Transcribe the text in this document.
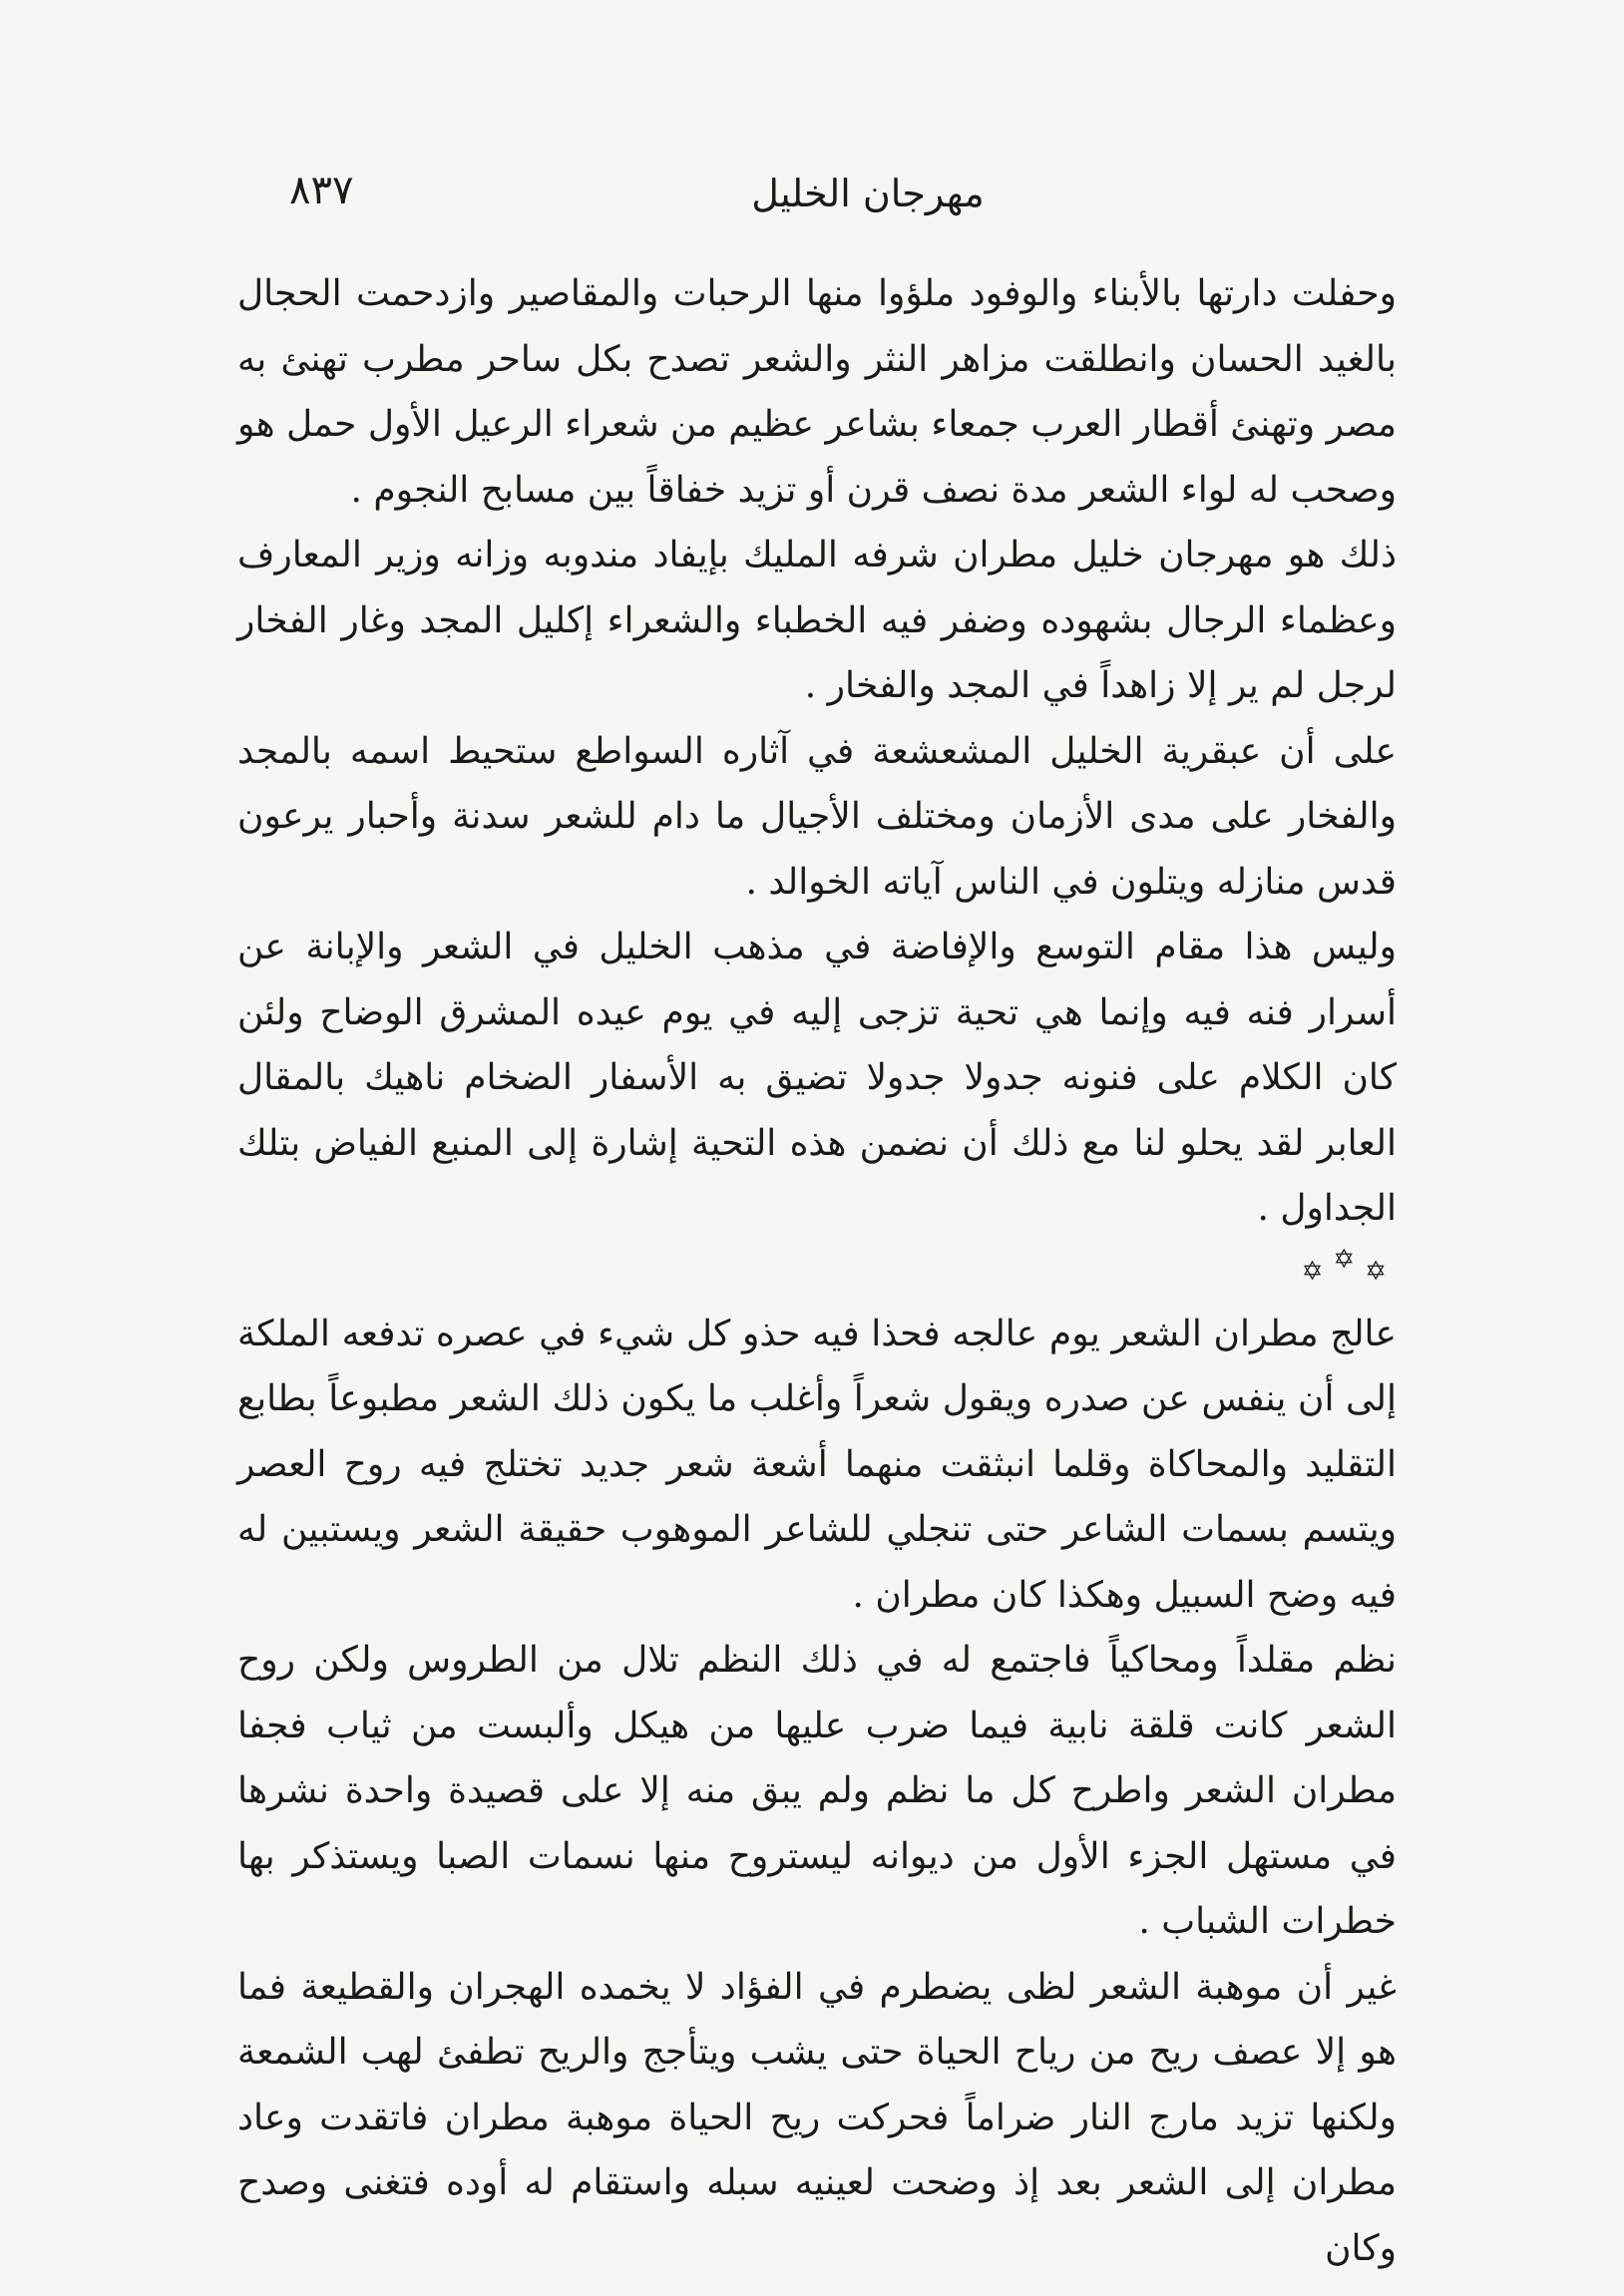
٨٣٧	مهرجان الخليل

وحفلت دارتها بالأبناء والوفود ملؤوا منها الرحبات والمقاصير وازدحمت الحجال بالغيد الحسان وانطلقت مزاهر النثر والشعر تصدح بكل ساحر مطرب تهنئ به مصر وتهنئ أقطار العرب جمعاء بشاعر عظيم من شعراء الرعيل الأول حمل هو وصحب له لواء الشعر مدة نصف قرن أو تزيد خفاقاً بين مسابح النجوم .

ذلك هو مهرجان خليل مطران شرفه المليك بإيفاد مندوبه وزانه وزير المعارف وعظماء الرجال بشهوده وضفر فيه الخطباء والشعراء إكليل المجد وغار الفخار لرجل لم ير إلا زاهداً في المجد والفخار .

على أن عبقرية الخليل المشعشعة في آثاره السواطع ستحيط اسمه بالمجد والفخار على مدى الأزمان ومختلف الأجيال ما دام للشعر سدنة وأحبار يرعون قدس منازله ويتلون في الناس آياته الخوالد .

وليس هذا مقام التوسع والإفاضة في مذهب الخليل في الشعر والإبانة عن أسرار فنه فيه وإنما هي تحية تزجى إليه في يوم عيده المشرق الوضاح ولئن كان الكلام على فنونه جدولا جدولا تضيق به الأسفار الضخام ناهيك بالمقال العابر لقد يحلو لنا مع ذلك أن نضمن هذه التحية إشارة إلى المنبع الفياض بتلك الجداول .

✡✡✡

عالج مطران الشعر يوم عالجه فحذا فيه حذو كل شيء في عصره تدفعه الملكة إلى أن ينفس عن صدره ويقول شعراً وأغلب ما يكون ذلك الشعر مطبوعاً بطابع التقليد والمحاكاة وقلما انبثقت منهما أشعة شعر جديد تختلج فيه روح العصر ويتسم بسمات الشاعر حتى تنجلي للشاعر الموهوب حقيقة الشعر ويستبين له فيه وضح السبيل وهكذا كان مطران .

نظم مقلداً ومحاكياً فاجتمع له في ذلك النظم تلال من الطروس ولكن روح الشعر كانت قلقة نابية فيما ضرب عليها من هيكل وألبست من ثياب فجفا مطران الشعر واطرح كل ما نظم ولم يبق منه إلا على قصيدة واحدة نشرها في مستهل الجزء الأول من ديوانه ليستروح منها نسمات الصبا ويستذكر بها خطرات الشباب .

غير أن موهبة الشعر لظى يضطرم في الفؤاد لا يخمده الهجران والقطيعة فما هو إلا عصف ريح من رياح الحياة حتى يشب ويتأجج والريح تطفئ لهب الشمعة ولكنها تزيد مارج النار ضراماً فحركت ريح الحياة موهبة مطران فاتقدت وعاد مطران إلى الشعر بعد إذ وضحت لعينيه سبله واستقام له أوده فتغنى وصدح وكان
